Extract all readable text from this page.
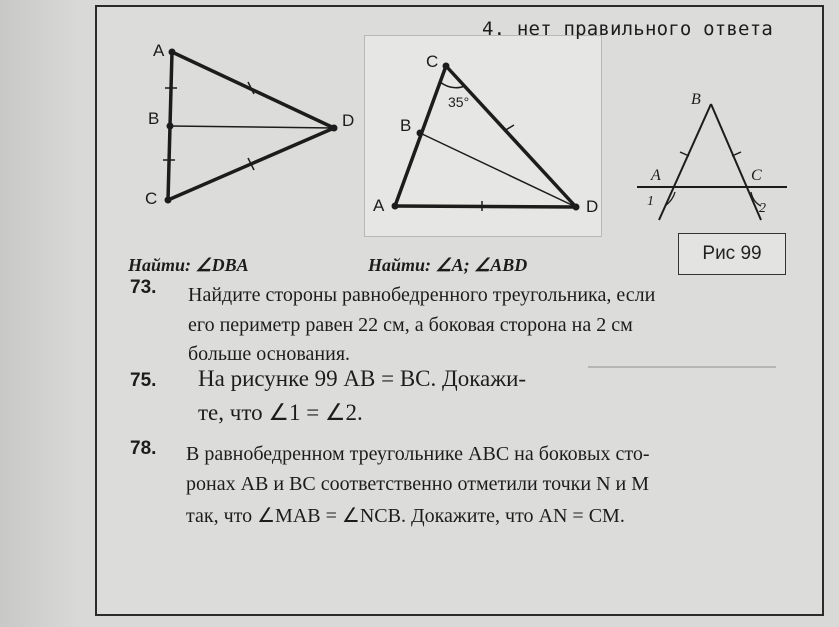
4. нет правильного ответа
A
B
C
D
Найти: ∠DBA
C
B
A	D
35°
Найти: ∠A; ∠ABD
B
A	C
1	2
Рис 99
73. Найдите стороны равнобедренного треугольника, если
его периметр равен 22 см, а боковая сторона на 2 см
больше основания.
75. На рисунке 99 AB = BC. Докажи-
те, что ∠1 = ∠2.
78. В равнобедренном треугольнике ABC на боковых сто-
ронах AB и BC соответственно отметили точки N и M
так, что ∠MAB = ∠NCB. Докажите, что AN = CM.
